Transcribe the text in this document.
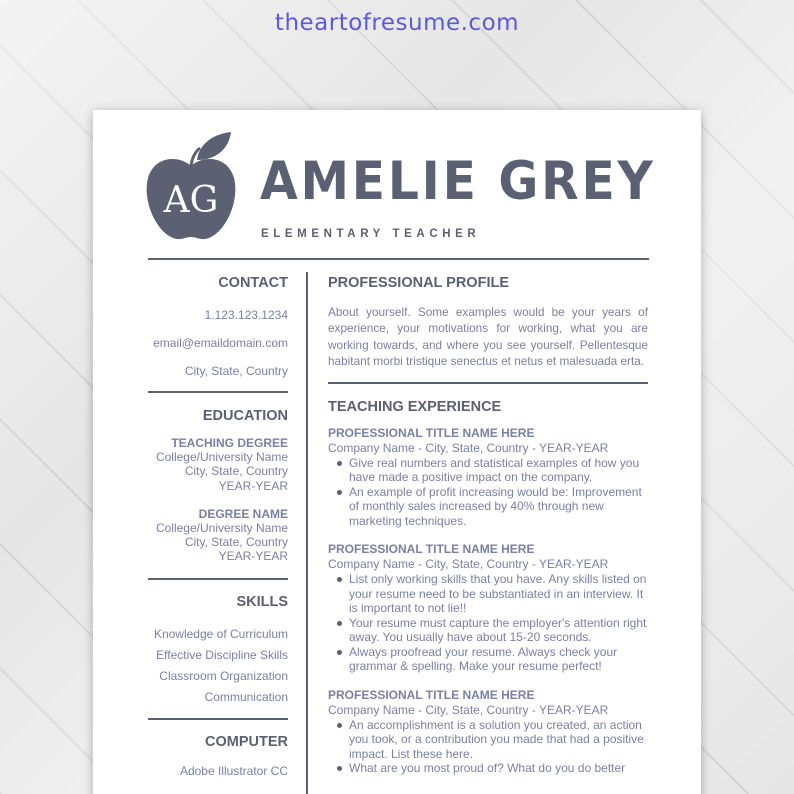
theartofresume.com
AG AMELIE GREY
ELEMENTARY TEACHER
CONTACT
1.123.123.1234
email@emaildomain.com
City, State, Country
EDUCATION
TEACHING DEGREE
College/University Name
City, State, Country
YEAR-YEAR
DEGREE NAME
College/University Name
City, State, Country
YEAR-YEAR
SKILLS
Knowledge of Curriculum
Effective Discipline Skills
Classroom Organization
Communication
COMPUTER
Adobe Illustrator CC
PROFESSIONAL PROFILE
About yourself. Some examples would be your years of experience, your motivations for working, what you are working towards, and where you see yourself. Pellentesque habitant morbi tristique senectus et netus et malesuada erta.
TEACHING EXPERIENCE
PROFESSIONAL TITLE NAME HERE
Company Name - City, State, Country - YEAR-YEAR
Give real numbers and statistical examples of how you have made a positive impact on the company.
An example of profit increasing would be: Improvement of monthly sales increased by 40% through new marketing techniques.
PROFESSIONAL TITLE NAME HERE
Company Name - City, State, Country - YEAR-YEAR
List only working skills that you have. Any skills listed on your resume need to be substantiated in an interview. It is important to not lie!!
Your resume must capture the employer's attention right away. You usually have about 15-20 seconds.
Always proofread your resume. Always check your grammar & spelling. Make your resume perfect!
PROFESSIONAL TITLE NAME HERE
Company Name - City, State, Country - YEAR-YEAR
An accomplishment is a solution you created, an action you took, or a contribution you made that had a positive impact. List these here.
What are you most proud of? What do you do better
